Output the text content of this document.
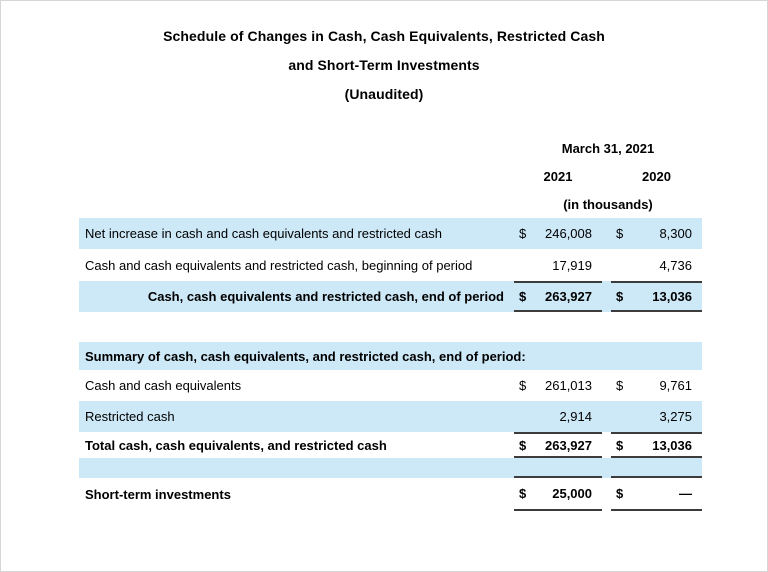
Schedule of Changes in Cash, Cash Equivalents, Restricted Cash
and Short-Term Investments
(Unaudited)
March 31, 2021
2021	2020
(in thousands)
Net increase in cash and cash equivalents and restricted cash	$	246,008 $	8,300
Cash and cash equivalents and restricted cash, beginning of period	17,919	4,736
Cash, cash equivalents and restricted cash, end of period	$	263,927 $	13,036
Summary of cash, cash equivalents, and restricted cash, end of period:
Cash and cash equivalents	$	261,013 $	9,761
Restricted cash	2,914	3,275
Total cash, cash equivalents, and restricted cash	$	263,927 $	13,036
Short-term investments	$	25,000 $	—
